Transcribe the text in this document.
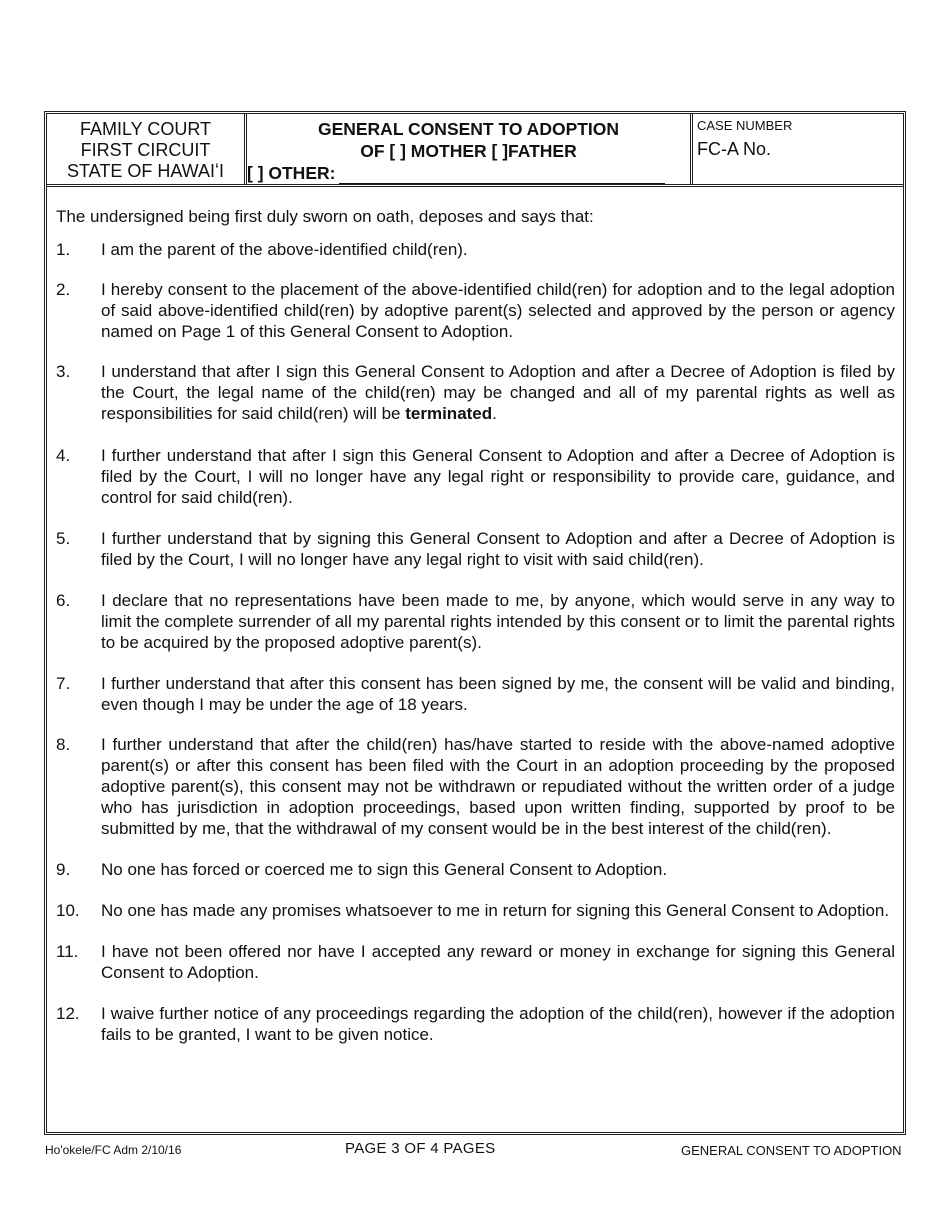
FAMILY COURT
FIRST CIRCUIT
STATE OF HAWAIʻI
GENERAL CONSENT TO ADOPTION
OF [ ] MOTHER [ ]FATHER
[ ] OTHER:
CASE NUMBER
FC-A No.

The undersigned being first duly sworn on oath, deposes and says that:

1.	I am the parent of the above-identified child(ren).
2.	I hereby consent to the placement of the above-identified child(ren) for adoption and to the legal adoption of said above-identified child(ren) by adoptive parent(s) selected and approved by the person or agency named on Page 1 of this General Consent to Adoption.
3.	I understand that after I sign this General Consent to Adoption and after a Decree of Adoption is filed by the Court, the legal name of the child(ren) may be changed and all of my parental rights as well as responsibilities for said child(ren) will be terminated.
4.	I further understand that after I sign this General Consent to Adoption and after a Decree of Adoption is filed by the Court, I will no longer have any legal right or responsibility to provide care, guidance, and control for said child(ren).
5.	I further understand that by signing this General Consent to Adoption and after a Decree of Adoption is filed by the Court, I will no longer have any legal right to visit with said child(ren).
6.	I declare that no representations have been made to me, by anyone, which would serve in any way to limit the complete surrender of all my parental rights intended by this consent or to limit the parental rights to be acquired by the proposed adoptive parent(s).
7.	I further understand that after this consent has been signed by me, the consent will be valid and binding, even though I may be under the age of 18 years.
8.	I further understand that after the child(ren) has/have started to reside with the above-named adoptive parent(s) or after this consent has been filed with the Court in an adoption proceeding by the proposed adoptive parent(s), this consent may not be withdrawn or repudiated without the written order of a judge who has jurisdiction in adoption proceedings, based upon written finding, supported by proof to be submitted by me, that the withdrawal of my consent would be in the best interest of the child(ren).
9.	No one has forced or coerced me to sign this General Consent to Adoption.
10.	No one has made any promises whatsoever to me in return for signing this General Consent to Adoption.
11.	I have not been offered nor have I accepted any reward or money in exchange for signing this General Consent to Adoption.
12.	I waive further notice of any proceedings regarding the adoption of the child(ren), however if the adoption fails to be granted, I want to be given notice.
Ho'okele/FC Adm 2/10/16	PAGE 3 OF 4 PAGES	GENERAL CONSENT TO ADOPTION
